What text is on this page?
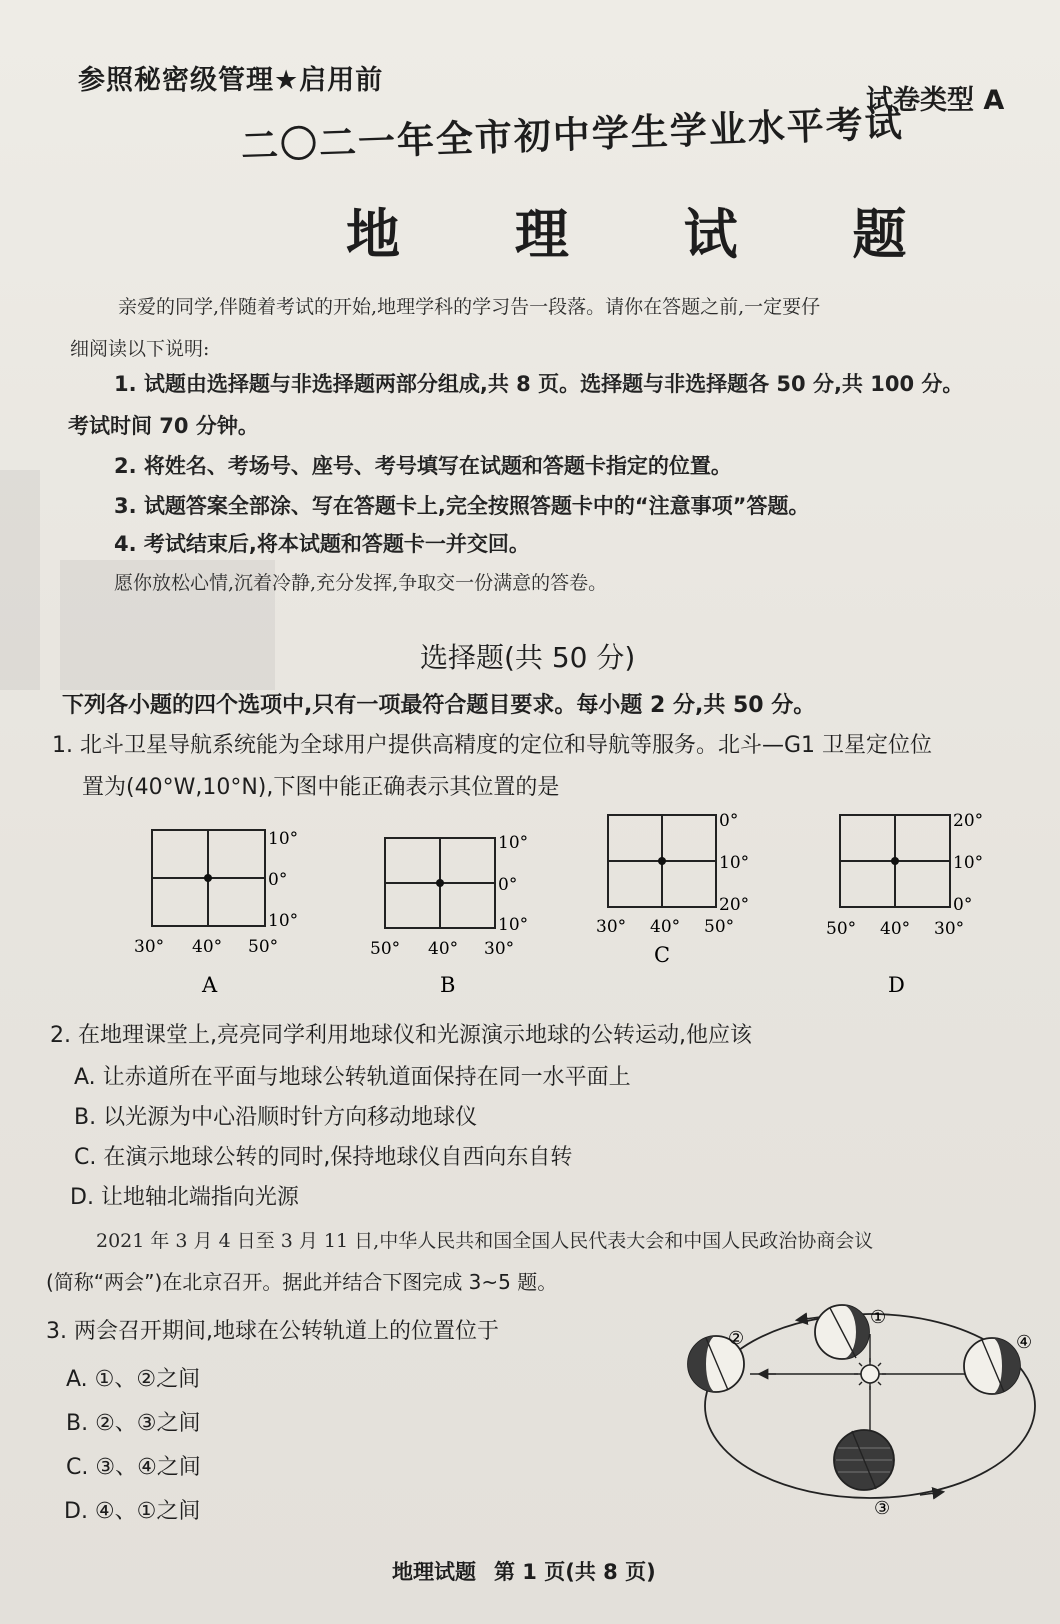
参照秘密级管理★启用前
试卷类型 A
二〇二一年全市初中学生学业水平考试
地 理 试 题
亲爱的同学,伴随着考试的开始,地理学科的学习告一段落。请你在答题之前,一定要仔
细阅读以下说明:
1. 试题由选择题与非选择题两部分组成,共 8 页。选择题与非选择题各 50 分,共 100 分。
考试时间 70 分钟。
2. 将姓名、考场号、座号、考号填写在试题和答题卡指定的位置。
3. 试题答案全部涂、写在答题卡上,完全按照答题卡中的“注意事项”答题。
4. 考试结束后,将本试题和答题卡一并交回。
愿你放松心情,沉着冷静,充分发挥,争取交一份满意的答卷。
选择题(共 50 分)
下列各小题的四个选项中,只有一项最符合题目要求。每小题 2 分,共 50 分。
1. 北斗卫星导航系统能为全球用户提供高精度的定位和导航等服务。北斗—G1 卫星定位位
置为(40°W,10°N),下图中能正确表示其位置的是
10°
0°
10°
30° 40° 50°
A
10°
0°
10°
50° 40° 30°
B
0°
10°
20°
30° 40° 50°
C
20°
10°
0°
50° 40° 30°
D
2. 在地理课堂上,亮亮同学利用地球仪和光源演示地球的公转运动,他应该
A. 让赤道所在平面与地球公转轨道面保持在同一水平面上
B. 以光源为中心沿顺时针方向移动地球仪
C. 在演示地球公转的同时,保持地球仪自西向东自转
D. 让地轴北端指向光源
2021 年 3 月 4 日至 3 月 11 日,中华人民共和国全国人民代表大会和中国人民政治协商会议
(简称“两会”)在北京召开。据此并结合下图完成 3~5 题。
3. 两会召开期间,地球在公转轨道上的位置位于
A. ①、②之间
B. ②、③之间
C. ③、④之间
D. ④、①之间
①
②	④
③
地理试题 第 1 页(共 8 页)
